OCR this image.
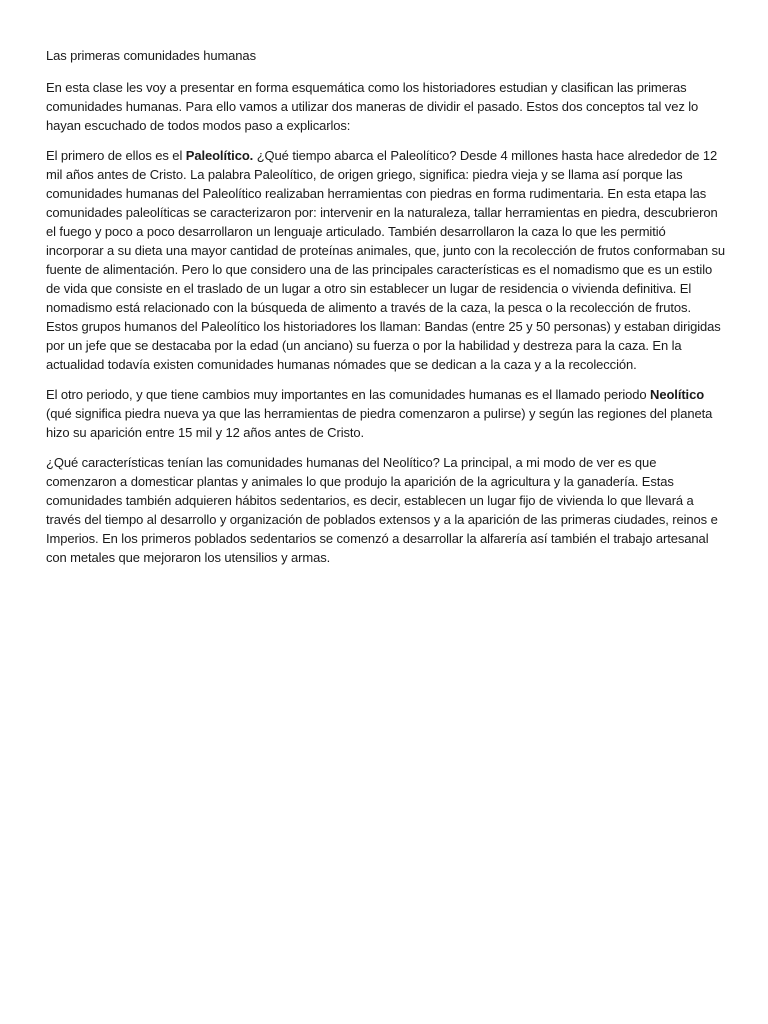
Las primeras comunidades humanas

En esta clase les voy a presentar en forma esquemática como los historiadores estudian y clasifican las primeras comunidades humanas. Para ello vamos a utilizar dos maneras de dividir el pasado. Estos dos conceptos tal vez lo hayan escuchado de todos modos paso a explicarlos:

El primero de ellos es el Paleolítico. ¿Qué tiempo abarca el Paleolítico? Desde 4 millones hasta hace alrededor de 12 mil años antes de Cristo. La palabra Paleolítico, de origen griego, significa: piedra vieja y se llama así porque las comunidades humanas del Paleolítico realizaban herramientas con piedras en forma rudimentaria. En esta etapa las comunidades paleolíticas se caracterizaron por: intervenir en la naturaleza, tallar herramientas en piedra, descubrieron el fuego y poco a poco desarrollaron un lenguaje articulado. También desarrollaron la caza lo que les permitió incorporar a su dieta una mayor cantidad de proteínas animales, que, junto con la recolección de frutos conformaban su fuente de alimentación. Pero lo que considero una de las principales características es el nomadismo que es un estilo de vida que consiste en el traslado de un lugar a otro sin establecer un lugar de residencia o vivienda definitiva. El nomadismo está relacionado con la búsqueda de alimento a través de la caza, la pesca o la recolección de frutos. Estos grupos humanos del Paleolítico los historiadores los llaman: Bandas (entre 25 y 50 personas) y estaban dirigidas por un jefe que se destacaba por la edad (un anciano) su fuerza o por la habilidad y destreza para la caza. En la actualidad todavía existen comunidades humanas nómades que se dedican a la caza y a la recolección.

El otro periodo, y que tiene cambios muy importantes en las comunidades humanas es el llamado periodo Neolítico (qué significa piedra nueva ya que las herramientas de piedra comenzaron a pulirse) y según las regiones del planeta hizo su aparición entre 15 mil y 12 años antes de Cristo.

¿Qué características tenían las comunidades humanas del Neolítico? La principal, a mi modo de ver es que comenzaron a domesticar plantas y animales lo que produjo la aparición de la agricultura y la ganadería. Estas comunidades también adquieren hábitos sedentarios, es decir, establecen un lugar fijo de vivienda lo que llevará a través del tiempo al desarrollo y organización de poblados extensos y a la aparición de las primeras ciudades, reinos e Imperios. En los primeros poblados sedentarios se comenzó a desarrollar la alfarería así también el trabajo artesanal con metales que mejoraron los utensilios y armas.
